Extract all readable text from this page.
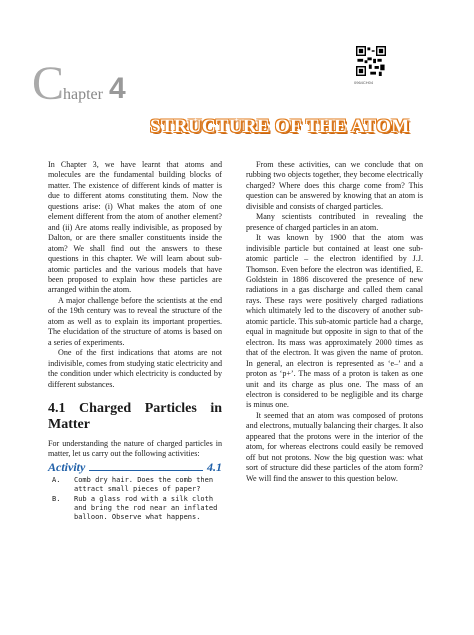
0964CH04
C
hapter 4
STRUCTURE OF THE ATOM

In Chapter 3, we have learnt that atoms and molecules are the fundamental building blocks of matter. The existence of different kinds of matter is due to different atoms constituting them. Now the questions arise: (i) What makes the atom of one element different from the atom of another element? and (ii) Are atoms really indivisible, as proposed by Dalton, or are there smaller constituents inside the atom? We shall find out the answers to these questions in this chapter. We will learn about sub-atomic particles and the various models that have been proposed to explain how these particles are arranged within the atom.

A major challenge before the scientists at the end of the 19th century was to reveal the structure of the atom as well as to explain its important properties. The elucidation of the structure of atoms is based on a series of experiments.

One of the first indications that atoms are not indivisible, comes from studying static electricity and the condition under which electricity is conducted by different substances.

4.1 Charged Particles in Matter

For understanding the nature of charged particles in matter, let us carry out the following activities:

Activity	4.1
A.	Comb dry hair. Does the comb then attract small pieces of paper?
B.	Rub a glass rod with a silk cloth and bring the rod near an inflated balloon. Observe what happens.

From these activities, can we conclude that on rubbing two objects together, they become electrically charged? Where does this charge come from? This question can be answered by knowing that an atom is divisible and consists of charged particles.

Many scientists contributed in revealing the presence of charged particles in an atom.

It was known by 1900 that the atom was indivisible particle but contained at least one sub-atomic particle – the electron identified by J.J. Thomson. Even before the electron was identified, E. Goldstein in 1886 discovered the presence of new radiations in a gas discharge and called them canal rays. These rays were positively charged radiations which ultimately led to the discovery of another sub-atomic particle. This sub-atomic particle had a charge, equal in magnitude but opposite in sign to that of the electron. Its mass was approximately 2000 times as that of the electron. It was given the name of proton. In general, an electron is represented as ‘e–’ and a proton as ‘p+’. The mass of a proton is taken as one unit and its charge as plus one. The mass of an electron is considered to be negligible and its charge is minus one.

It seemed that an atom was composed of protons and electrons, mutually balancing their charges. It also appeared that the protons were in the interior of the atom, for whereas electrons could easily be removed off but not protons. Now the big question was: what sort of structure did these particles of the atom form? We will find the answer to this question below.
